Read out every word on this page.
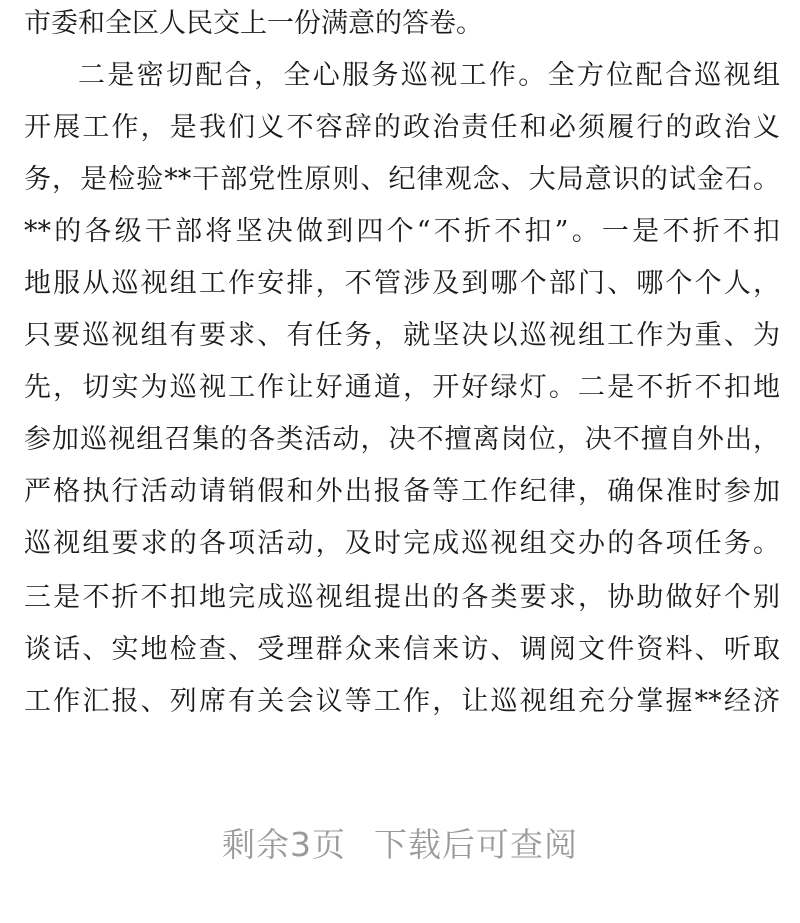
市委和全区人民交上一份满意的答卷。
二是密切配合，全心服务巡视工作。全方位配合巡视组
开展工作，是我们义不容辞的政治责任和必须履行的政治义
务，是检验**干部党性原则、纪律观念、大局意识的试金石。
**的各级干部将坚决做到四个“不折不扣”。一是不折不扣
地服从巡视组工作安排，不管涉及到哪个部门、哪个个人，
只要巡视组有要求、有任务，就坚决以巡视组工作为重、为
先，切实为巡视工作让好通道，开好绿灯。二是不折不扣地
参加巡视组召集的各类活动，决不擅离岗位，决不擅自外出，
严格执行活动请销假和外出报备等工作纪律，确保准时参加
巡视组要求的各项活动，及时完成巡视组交办的各项任务。
三是不折不扣地完成巡视组提出的各类要求，协助做好个别
谈话、实地检查、受理群众来信来访、调阅文件资料、听取
工作汇报、列席有关会议等工作，让巡视组充分掌握**经济
剩余3页 下载后可查阅
